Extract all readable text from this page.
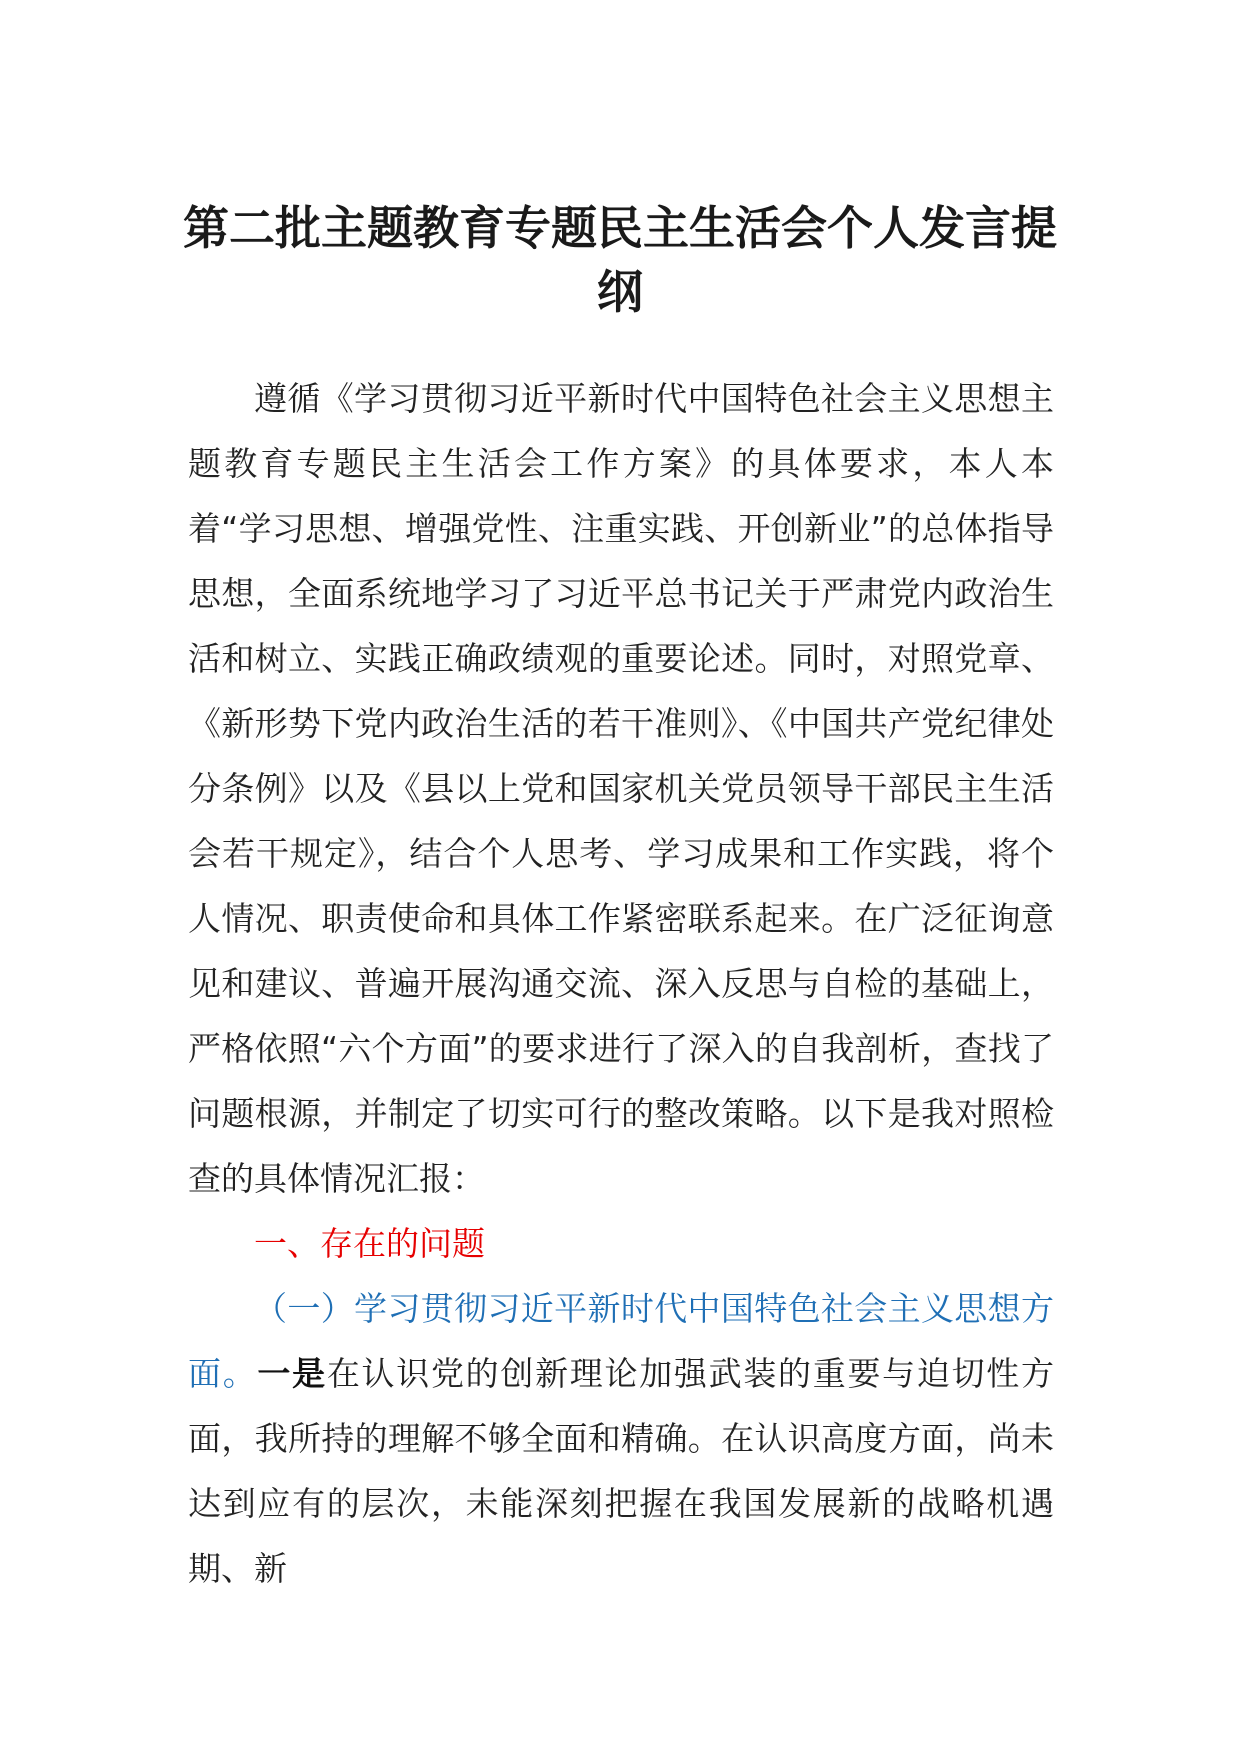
第二批主题教育专题民主生活会个人发言提纲

遵循《学习贯彻习近平新时代中国特色社会主义思想主题教育专题民主生活会工作方案》的具体要求，本人本着“学习思想、增强党性、注重实践、开创新业”的总体指导思想，全面系统地学习了习近平总书记关于严肃党内政治生活和树立、实践正确政绩观的重要论述。同时，对照党章、《新形势下党内政治生活的若干准则》、《中国共产党纪律处分条例》以及《县以上党和国家机关党员领导干部民主生活会若干规定》，结合个人思考、学习成果和工作实践，将个人情况、职责使命和具体工作紧密联系起来。在广泛征询意见和建议、普遍开展沟通交流、深入反思与自检的基础上，严格依照“六个方面”的要求进行了深入的自我剖析，查找了问题根源，并制定了切实可行的整改策略。以下是我对照检查的具体情况汇报：

一、存在的问题

（一）学习贯彻习近平新时代中国特色社会主义思想方面。一是在认识党的创新理论加强武装的重要与迫切性方面，我所持的理解不够全面和精确。在认识高度方面，尚未达到应有的层次，未能深刻把握在我国发展新的战略机遇期、新
